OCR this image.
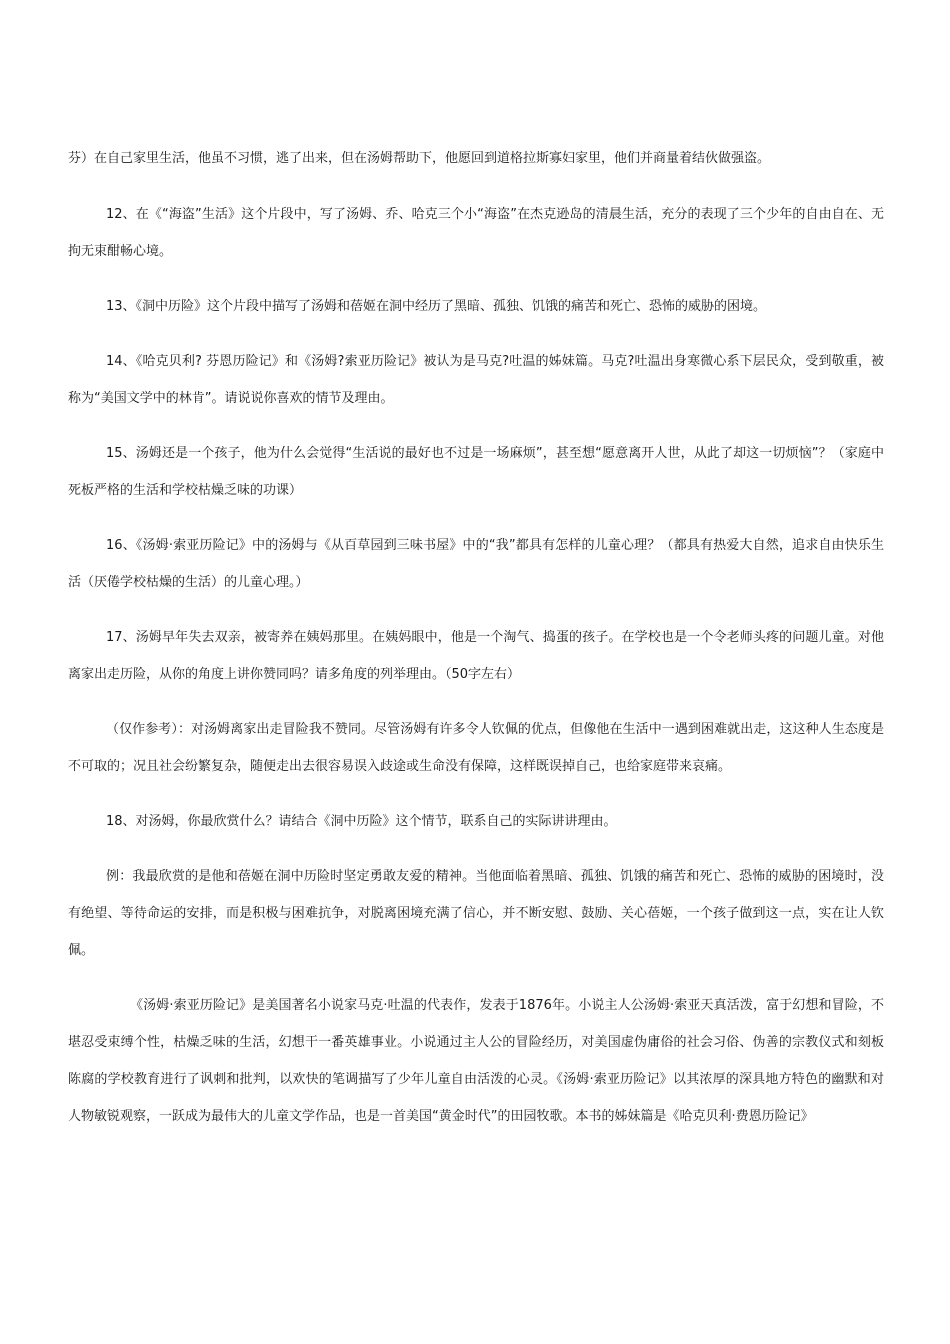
芬）在自己家里生活，他虽不习惯，逃了出来，但在汤姆帮助下，他愿回到道格拉斯寡妇家里，他们并商量着结伙做强盗。

12、在《“海盗”生活》这个片段中，写了汤姆、乔、哈克三个小“海盗”在杰克逊岛的清晨生活，充分的表现了三个少年的自由自在、无拘无束酣畅心境。

13、《洞中历险》这个片段中描写了汤姆和蓓姬在洞中经历了黑暗、孤独、饥饿的痛苦和死亡、恐怖的威胁的困境。

14、《哈克贝利? 芬恩历险记》和《汤姆?索亚历险记》被认为是马克?吐温的姊妹篇。马克?吐温出身寒微心系下层民众，受到敬重，被称为“美国文学中的林肯”。请说说你喜欢的情节及理由。

15、汤姆还是一个孩子，他为什么会觉得“生活说的最好也不过是一场麻烦”，甚至想“愿意离开人世，从此了却这一切烦恼”？（家庭中死板严格的生活和学校枯燥乏味的功课）

16、《汤姆·索亚历险记》中的汤姆与《从百草园到三味书屋》中的“我”都具有怎样的儿童心理？（都具有热爱大自然，追求自由快乐生活（厌倦学校枯燥的生活）的儿童心理。）

17、汤姆早年失去双亲，被寄养在姨妈那里。在姨妈眼中，他是一个淘气、捣蛋的孩子。在学校也是一个令老师头疼的问题儿童。对他离家出走历险，从你的角度上讲你赞同吗？请多角度的列举理由。（50字左右）

（仅作参考）：对汤姆离家出走冒险我不赞同。尽管汤姆有许多令人钦佩的优点，但像他在生活中一遇到困难就出走，这这种人生态度是不可取的；况且社会纷繁复杂，随便走出去很容易误入歧途或生命没有保障，这样既误掉自己，也给家庭带来哀痛。

18、对汤姆，你最欣赏什么？请结合《洞中历险》这个情节，联系自己的实际讲讲理由。

例：我最欣赏的是他和蓓姬在洞中历险时坚定勇敢友爱的精神。当他面临着黑暗、孤独、饥饿的痛苦和死亡、恐怖的威胁的困境时，没有绝望、等待命运的安排，而是积极与困难抗争，对脱离困境充满了信心，并不断安慰、鼓励、关心蓓姬，一个孩子做到这一点，实在让人钦佩。

《汤姆·索亚历险记》是美国著名小说家马克·吐温的代表作，发表于1876年。小说主人公汤姆·索亚天真活泼，富于幻想和冒险，不堪忍受束缚个性，枯燥乏味的生活，幻想干一番英雄事业。小说通过主人公的冒险经历，对美国虚伪庸俗的社会习俗、伪善的宗教仪式和刻板陈腐的学校教育进行了讽刺和批判，以欢快的笔调描写了少年儿童自由活泼的心灵。《汤姆·索亚历险记》以其浓厚的深具地方特色的幽默和对人物敏锐观察，一跃成为最伟大的儿童文学作品，也是一首美国“黄金时代”的田园牧歌。本书的姊妹篇是《哈克贝利·费恩历险记》
